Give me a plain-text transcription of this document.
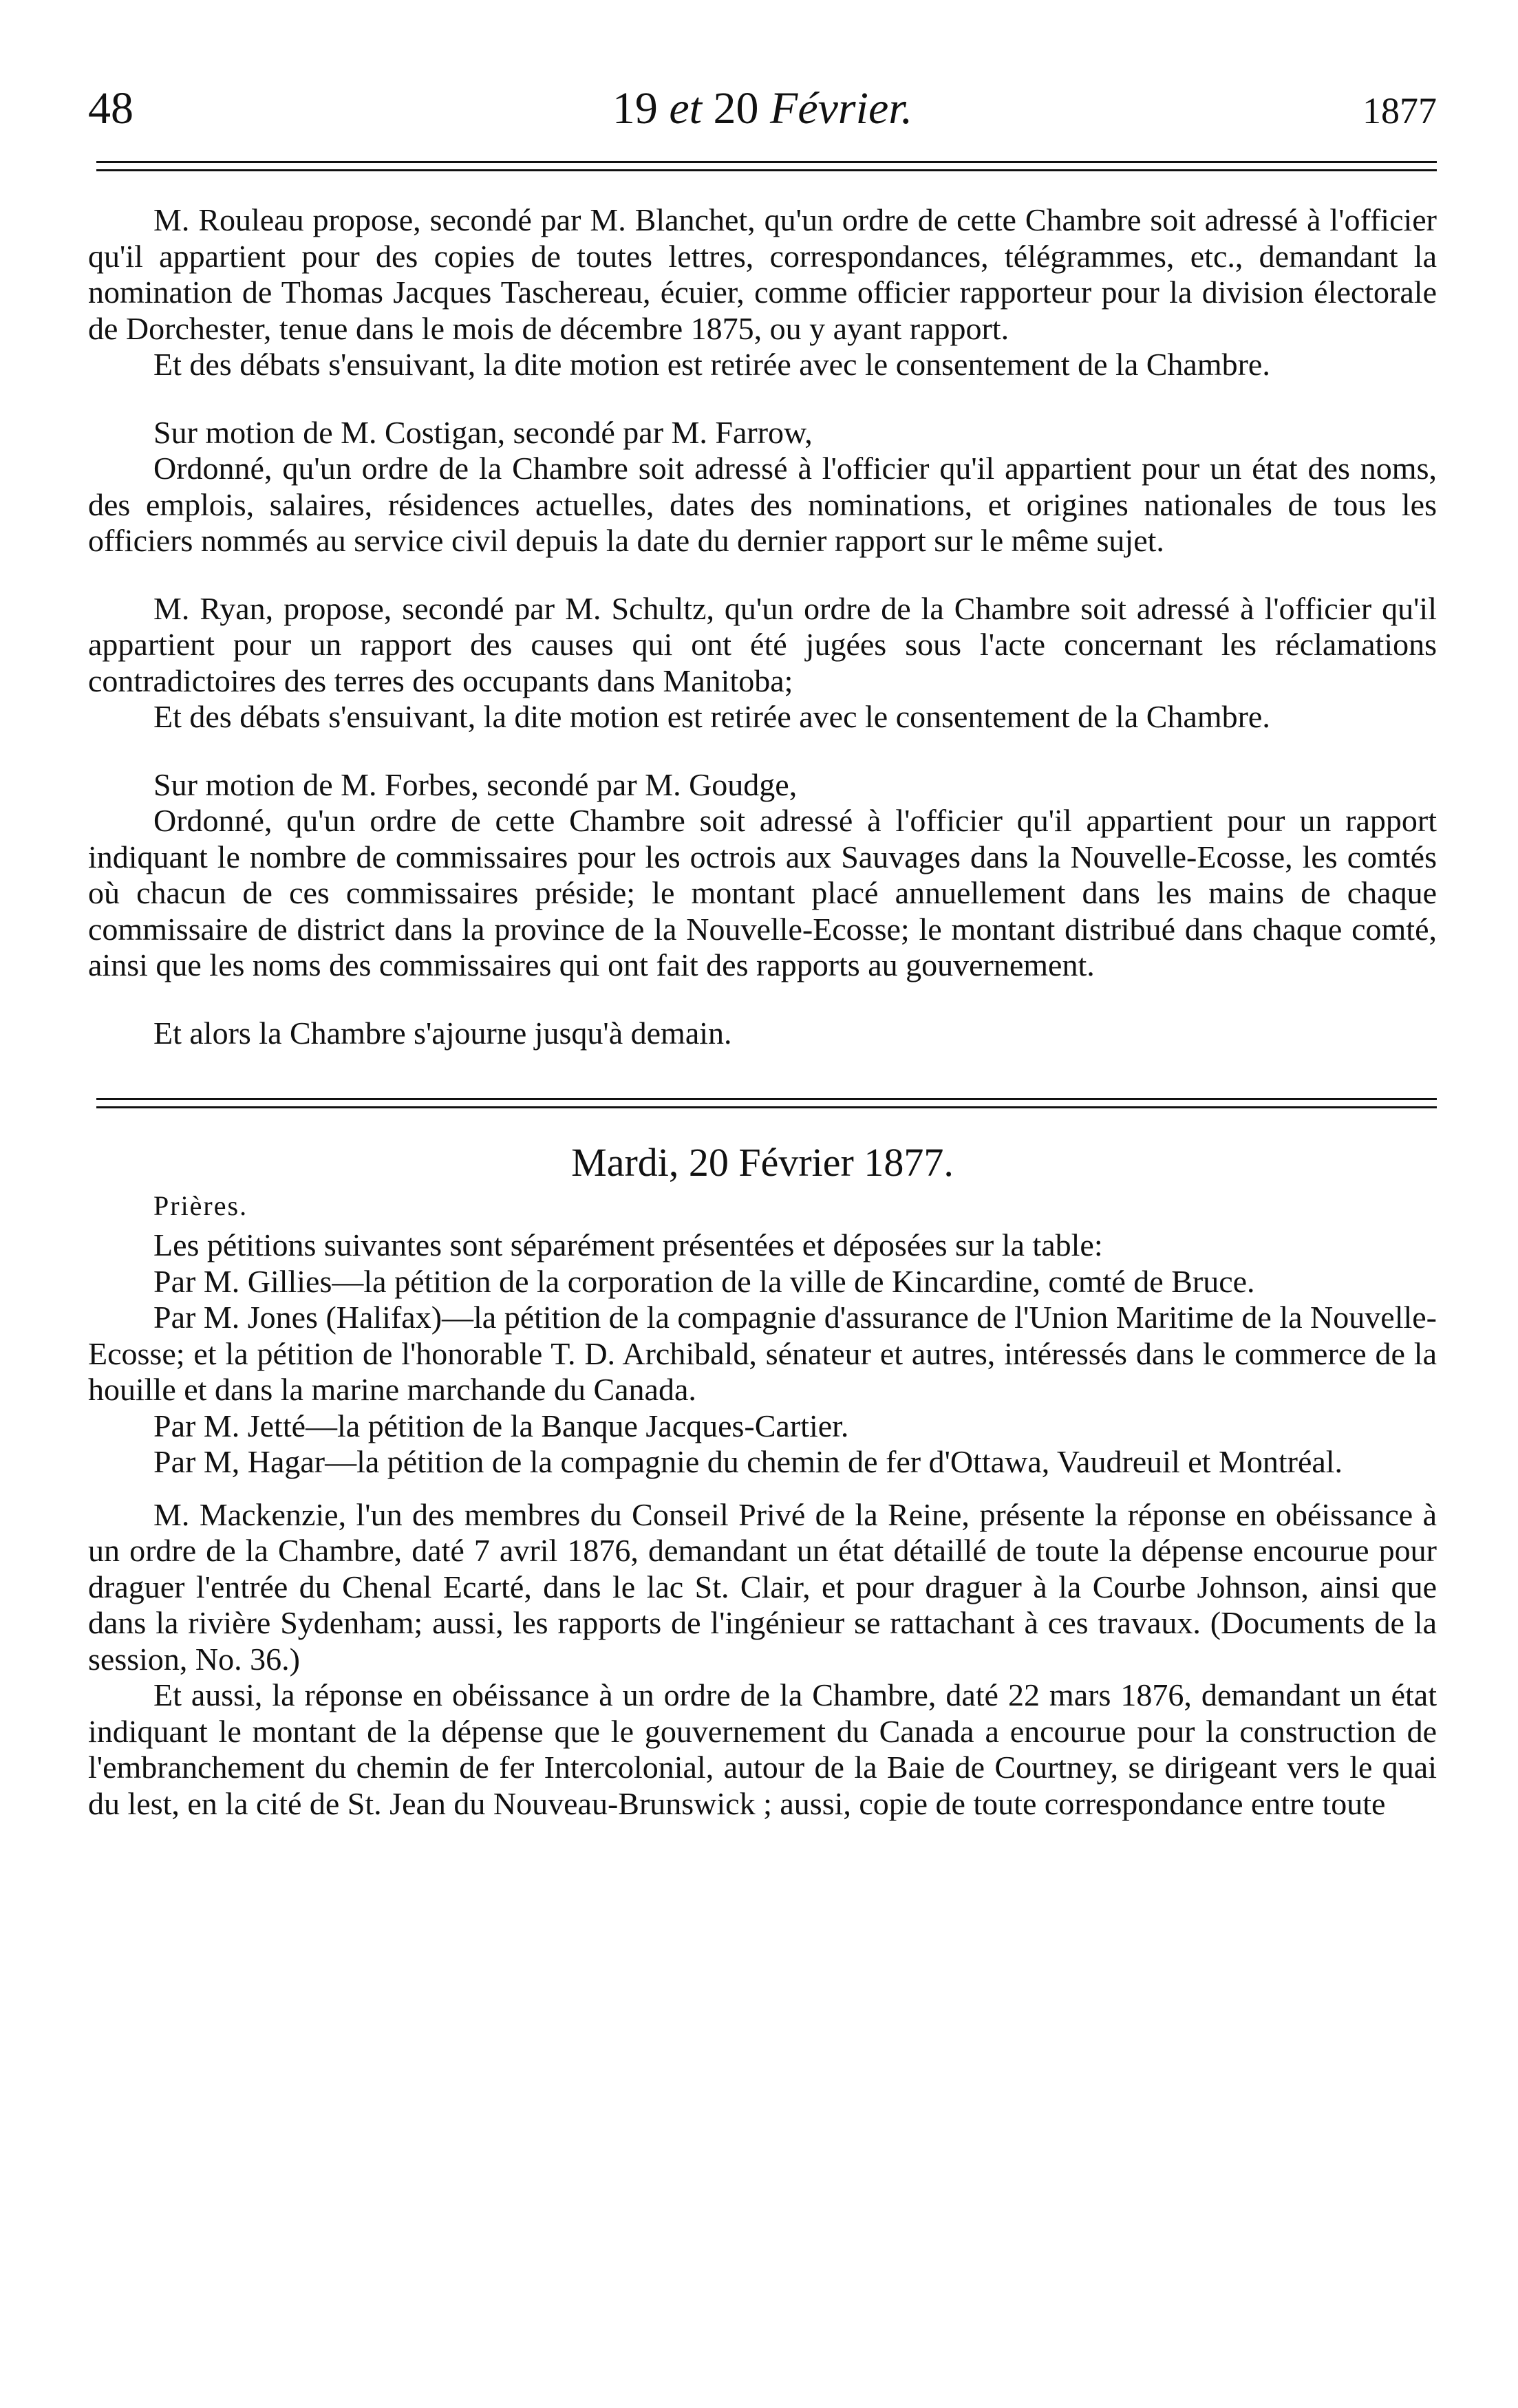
48	19 et 20 Février.	1877

M. Rouleau propose, secondé par M. Blanchet, qu'un ordre de cette Chambre soit adressé à l'officier qu'il appartient pour des copies de toutes lettres, correspondances, télégrammes, etc., demandant la nomination de Thomas Jacques Taschereau, écuier, comme officier rapporteur pour la division électorale de Dorchester, tenue dans le mois de décembre 1875, ou y ayant rapport.

Et des débats s'ensuivant, la dite motion est retirée avec le consentement de la Chambre.

Sur motion de M. Costigan, secondé par M. Farrow,

Ordonné, qu'un ordre de la Chambre soit adressé à l'officier qu'il appartient pour un état des noms, des emplois, salaires, résidences actuelles, dates des nominations, et origines nationales de tous les officiers nommés au service civil depuis la date du dernier rapport sur le même sujet.

M. Ryan, propose, secondé par M. Schultz, qu'un ordre de la Chambre soit adressé à l'officier qu'il appartient pour un rapport des causes qui ont été jugées sous l'acte concernant les réclamations contradictoires des terres des occupants dans Manitoba;

Et des débats s'ensuivant, la dite motion est retirée avec le consentement de la Chambre.

Sur motion de M. Forbes, secondé par M. Goudge,

Ordonné, qu'un ordre de cette Chambre soit adressé à l'officier qu'il appartient pour un rapport indiquant le nombre de commissaires pour les octrois aux Sauvages dans la Nouvelle-Ecosse, les comtés où chacun de ces commissaires préside; le montant placé annuellement dans les mains de chaque commissaire de district dans la province de la Nouvelle-Ecosse; le montant distribué dans chaque comté, ainsi que les noms des commissaires qui ont fait des rapports au gouvernement.

Et alors la Chambre s'ajourne jusqu'à demain.

Mardi, 20 Février 1877.
Prières.

Les pétitions suivantes sont séparément présentées et déposées sur la table:

Par M. Gillies—la pétition de la corporation de la ville de Kincardine, comté de Bruce.

Par M. Jones (Halifax)—la pétition de la compagnie d'assurance de l'Union Maritime de la Nouvelle-Ecosse; et la pétition de l'honorable T. D. Archibald, sénateur et autres, intéressés dans le commerce de la houille et dans la marine marchande du Canada.

Par M. Jetté—la pétition de la Banque Jacques-Cartier.

Par M, Hagar—la pétition de la compagnie du chemin de fer d'Ottawa, Vaudreuil et Montréal.

M. Mackenzie, l'un des membres du Conseil Privé de la Reine, présente la réponse en obéissance à un ordre de la Chambre, daté 7 avril 1876, demandant un état détaillé de toute la dépense encourue pour draguer l'entrée du Chenal Ecarté, dans le lac St. Clair, et pour draguer à la Courbe Johnson, ainsi que dans la rivière Sydenham; aussi, les rapports de l'ingénieur se rattachant à ces travaux. (Documents de la session, No. 36.)

Et aussi, la réponse en obéissance à un ordre de la Chambre, daté 22 mars 1876, demandant un état indiquant le montant de la dépense que le gouvernement du Canada a encourue pour la construction de l'embranchement du chemin de fer Intercolonial, autour de la Baie de Courtney, se dirigeant vers le quai du lest, en la cité de St. Jean du Nouveau-Brunswick ; aussi, copie de toute correspondance entre toute
